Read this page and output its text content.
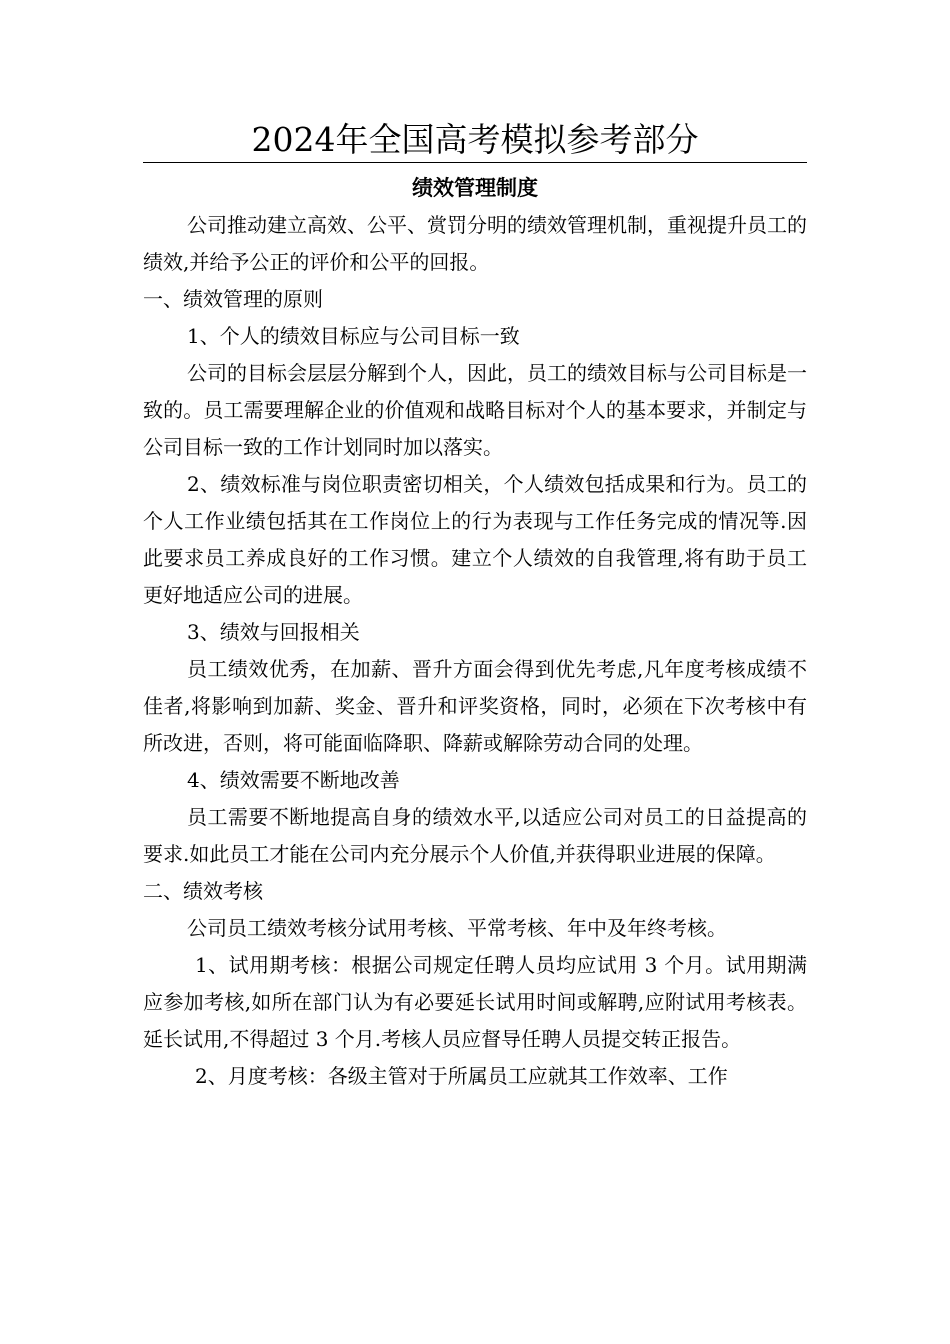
2024年全国高考模拟参考部分
绩效管理制度

公司推动建立高效、公平、赏罚分明的绩效管理机制，重视提升员工的绩效,并给予公正的评价和公平的回报。

一、绩效管理的原则

1、个人的绩效目标应与公司目标一致

公司的目标会层层分解到个人，因此，员工的绩效目标与公司目标是一致的。员工需要理解企业的价值观和战略目标对个人的基本要求，并制定与公司目标一致的工作计划同时加以落实。

2、绩效标准与岗位职责密切相关，个人绩效包括成果和行为。员工的个人工作业绩包括其在工作岗位上的行为表现与工作任务完成的情况等.因此要求员工养成良好的工作习惯。建立个人绩效的自我管理,将有助于员工更好地适应公司的进展。

3、绩效与回报相关

员工绩效优秀，在加薪、晋升方面会得到优先考虑,凡年度考核成绩不佳者,将影响到加薪、奖金、晋升和评奖资格，同时，必须在下次考核中有所改进，否则，将可能面临降职、降薪或解除劳动合同的处理。

4、绩效需要不断地改善

员工需要不断地提高自身的绩效水平,以适应公司对员工的日益提高的要求.如此员工才能在公司内充分展示个人价值,并获得职业进展的保障。

二、绩效考核

公司员工绩效考核分试用考核、平常考核、年中及年终考核。

1、试用期考核：根据公司规定任聘人员均应试用 3 个月。试用期满应参加考核,如所在部门认为有必要延长试用时间或解聘,应附试用考核表。延长试用,不得超过 3 个月.考核人员应督导任聘人员提交转正报告。

2、月度考核：各级主管对于所属员工应就其工作效率、工作
